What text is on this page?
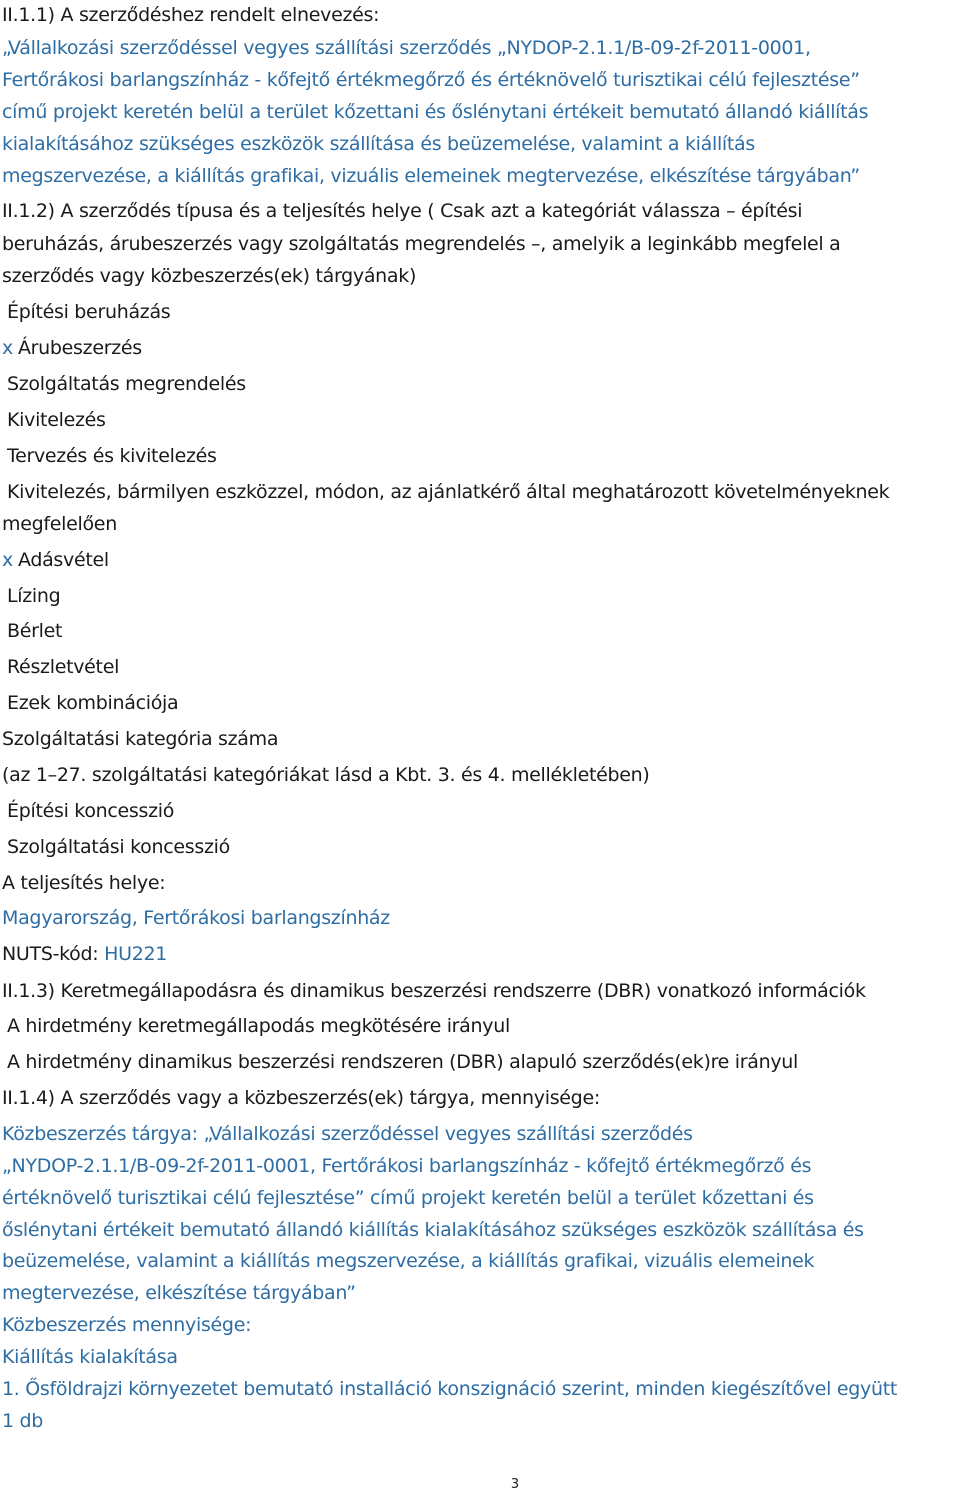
II.1.1) A szerződéshez rendelt elnevezés:
„Vállalkozási szerződéssel vegyes szállítási szerződés „NYDOP-2.1.1/B-09-2f-2011-0001,
Fertőrákosi barlangszínház - kőfejtő értékmegőrző és értéknövelő turisztikai célú fejlesztése”
című projekt keretén belül a terület kőzettani és őslénytani értékeit bemutató állandó kiállítás
kialakításához szükséges eszközök szállítása és beüzemelése, valamint a kiállítás
megszervezése, a kiállítás grafikai, vizuális elemeinek megtervezése, elkészítése tárgyában”
II.1.2) A szerződés típusa és a teljesítés helye ( Csak azt a kategóriát válassza – építési
beruházás, árubeszerzés vagy szolgáltatás megrendelés –, amelyik a leginkább megfelel a
szerződés vagy közbeszerzés(ek) tárgyának)
Építési beruházás
x Árubeszerzés
Szolgáltatás megrendelés
Kivitelezés
Tervezés és kivitelezés
Kivitelezés, bármilyen eszközzel, módon, az ajánlatkérő által meghatározott követelményeknek
megfelelően
x Adásvétel
Lízing
Bérlet
Részletvétel
Ezek kombinációja
Szolgáltatási kategória száma
(az 1–27. szolgáltatási kategóriákat lásd a Kbt. 3. és 4. mellékletében)
Építési koncesszió
Szolgáltatási koncesszió
A teljesítés helye:
Magyarország, Fertőrákosi barlangszínház
NUTS-kód: HU221
II.1.3) Keretmegállapodásra és dinamikus beszerzési rendszerre (DBR) vonatkozó információk
A hirdetmény keretmegállapodás megkötésére irányul
A hirdetmény dinamikus beszerzési rendszeren (DBR) alapuló szerződés(ek)re irányul
II.1.4) A szerződés vagy a közbeszerzés(ek) tárgya, mennyisége:
Közbeszerzés tárgya: „Vállalkozási szerződéssel vegyes szállítási szerződés
„NYDOP-2.1.1/B-09-2f-2011-0001, Fertőrákosi barlangszínház - kőfejtő értékmegőrző és
értéknövelő turisztikai célú fejlesztése” című projekt keretén belül a terület kőzettani és
őslénytani értékeit bemutató állandó kiállítás kialakításához szükséges eszközök szállítása és
beüzemelése, valamint a kiállítás megszervezése, a kiállítás grafikai, vizuális elemeinek
megtervezése, elkészítése tárgyában”
Közbeszerzés mennyisége:
Kiállítás kialakítása
1. Ősföldrajzi környezetet bemutató installáció konszignáció szerint, minden kiegészítővel együtt
1 db
3
